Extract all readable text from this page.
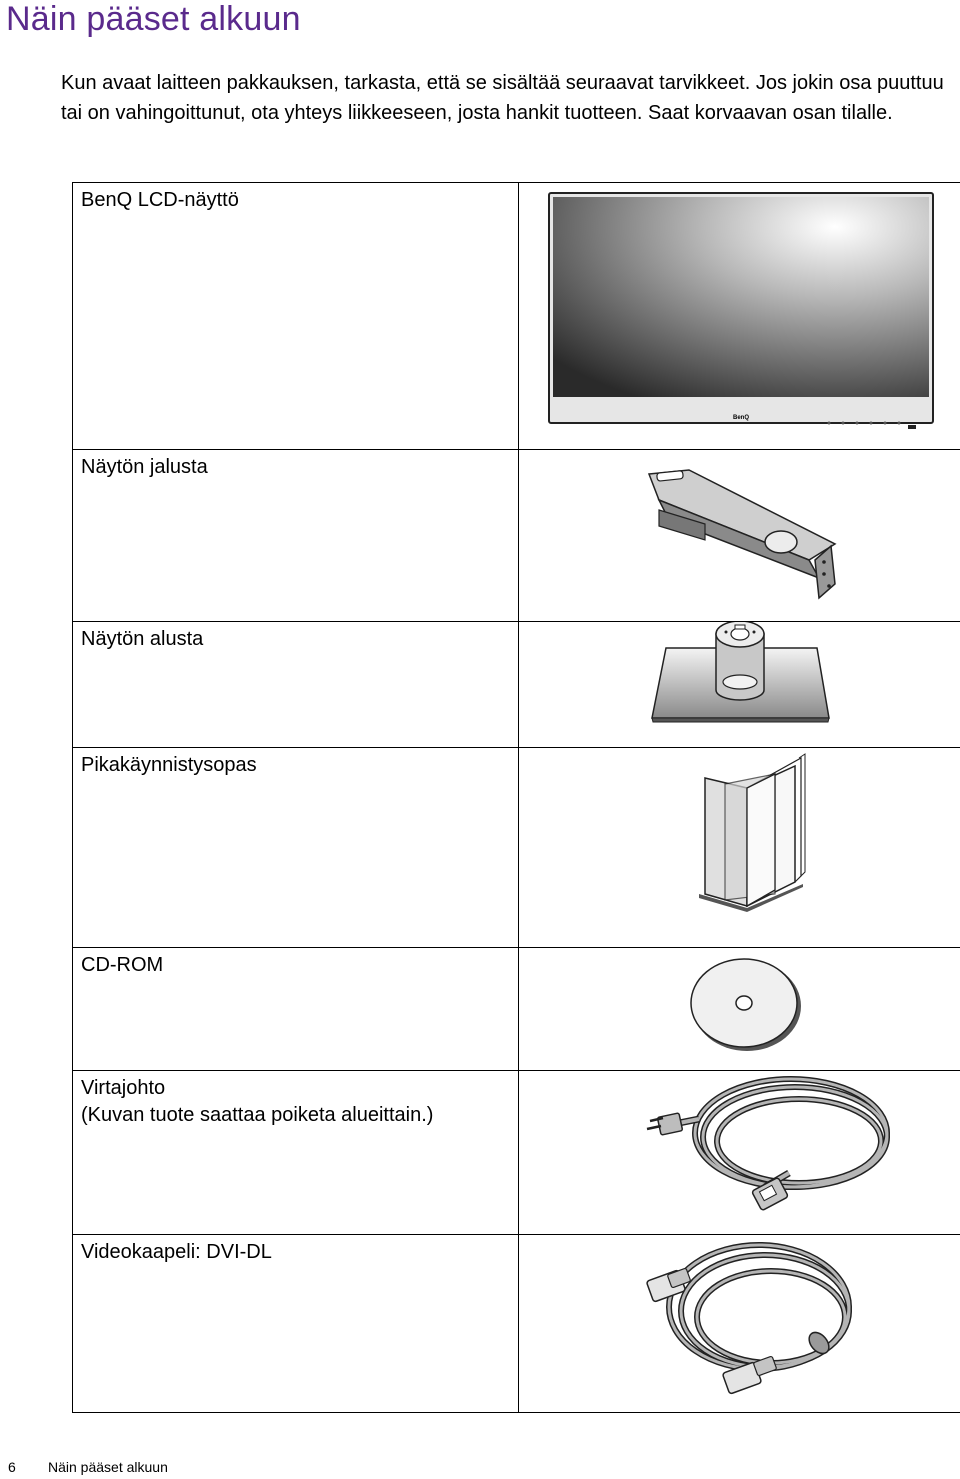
Näin pääset alkuun

Kun avaat laitteen pakkauksen, tarkasta, että se sisältää seuraavat tarvikkeet. Jos jokin osa puuttuu tai on vahingoittunut, ota yhteys liikkeeseen, josta hankit tuotteen. Saat korvaavan osan tilalle.

BenQ LCD-näyttö	BenQ

Näytön jalusta	

Näytön alusta	

Pikakäynnistysopas	

CD-ROM	

Virtajohto
(Kuvan tuote saattaa poiketa alueittain.)

Videokaapeli: DVI-DL	
6 Näin pääset alkuun
